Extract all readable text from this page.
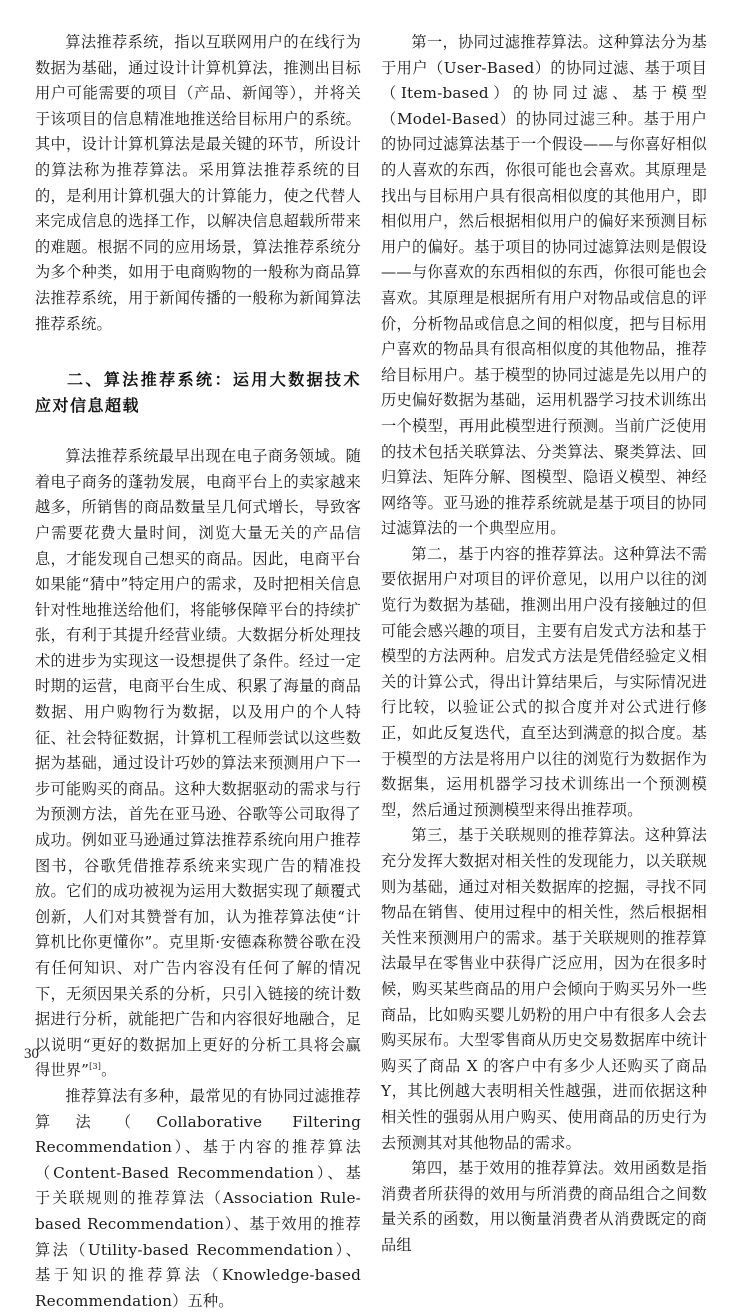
算法推荐系统，指以互联网用户的在线行为数据为基础，通过设计计算机算法，推测出目标用户可能需要的项目（产品、新闻等），并将关于该项目的信息精准地推送给目标用户的系统。其中，设计计算机算法是最关键的环节，所设计的算法称为推荐算法。采用算法推荐系统的目的，是利用计算机强大的计算能力，使之代替人来完成信息的选择工作，以解决信息超载所带来的难题。根据不同的应用场景，算法推荐系统分为多个种类，如用于电商购物的一般称为商品算法推荐系统，用于新闻传播的一般称为新闻算法推荐系统。

二、算法推荐系统：运用大数据技术应对信息超载

算法推荐系统最早出现在电子商务领域。随着电子商务的蓬勃发展，电商平台上的卖家越来越多，所销售的商品数量呈几何式增长，导致客户需要花费大量时间，浏览大量无关的产品信息，才能发现自己想买的商品。因此，电商平台如果能“猜中”特定用户的需求，及时把相关信息针对性地推送给他们，将能够保障平台的持续扩张，有利于其提升经营业绩。大数据分析处理技术的进步为实现这一设想提供了条件。经过一定时期的运营，电商平台生成、积累了海量的商品数据、用户购物行为数据，以及用户的个人特征、社会特征数据，计算机工程师尝试以这些数据为基础，通过设计巧妙的算法来预测用户下一步可能购买的商品。这种大数据驱动的需求与行为预测方法，首先在亚马逊、谷歌等公司取得了成功。例如亚马逊通过算法推荐系统向用户推荐图书，谷歌凭借推荐系统来实现广告的精准投放。它们的成功被视为运用大数据实现了颠覆式创新，人们对其赞誉有加，认为推荐算法使“计算机比你更懂你”。克里斯·安德森称赞谷歌在没有任何知识、对广告内容没有任何了解的情况下，无须因果关系的分析，只引入链接的统计数据进行分析，就能把广告和内容很好地融合，足以说明“更好的数据加上更好的分析工具将会赢得世界”[3]。

推荐算法有多种，最常见的有协同过滤推荐算法（Collaborative Filtering Recommendation）、基于内容的推荐算法（Content-Based Recommendation）、基于关联规则的推荐算法（Association Rule-based Recommendation）、基于效用的推荐算法（Utility-based Recommendation）、基于知识的推荐算法（Knowledge-based Recommendation）五种。

第一，协同过滤推荐算法。这种算法分为基于用户（User-Based）的协同过滤、基于项目（Item-based）的协同过滤、基于模型（Model-Based）的协同过滤三种。基于用户的协同过滤算法基于一个假设——与你喜好相似的人喜欢的东西，你很可能也会喜欢。其原理是找出与目标用户具有很高相似度的其他用户，即相似用户，然后根据相似用户的偏好来预测目标用户的偏好。基于项目的协同过滤算法则是假设——与你喜欢的东西相似的东西，你很可能也会喜欢。其原理是根据所有用户对物品或信息的评价，分析物品或信息之间的相似度，把与目标用户喜欢的物品具有很高相似度的其他物品，推荐给目标用户。基于模型的协同过滤是先以用户的历史偏好数据为基础，运用机器学习技术训练出一个模型，再用此模型进行预测。当前广泛使用的技术包括关联算法、分类算法、聚类算法、回归算法、矩阵分解、图模型、隐语义模型、神经网络等。亚马逊的推荐系统就是基于项目的协同过滤算法的一个典型应用。

第二，基于内容的推荐算法。这种算法不需要依据用户对项目的评价意见，以用户以往的浏览行为数据为基础，推测出用户没有接触过的但可能会感兴趣的项目，主要有启发式方法和基于模型的方法两种。启发式方法是凭借经验定义相关的计算公式，得出计算结果后，与实际情况进行比较，以验证公式的拟合度并对公式进行修正，如此反复迭代，直至达到满意的拟合度。基于模型的方法是将用户以往的浏览行为数据作为数据集，运用机器学习技术训练出一个预测模型，然后通过预测模型来得出推荐项。

第三，基于关联规则的推荐算法。这种算法充分发挥大数据对相关性的发现能力，以关联规则为基础，通过对相关数据库的挖掘，寻找不同物品在销售、使用过程中的相关性，然后根据相关性来预测用户的需求。基于关联规则的推荐算法最早在零售业中获得广泛应用，因为在很多时候，购买某些商品的用户会倾向于购买另外一些商品，比如购买婴儿奶粉的用户中有很多人会去购买尿布。大型零售商从历史交易数据库中统计购买了商品 X 的客户中有多少人还购买了商品 Y，其比例越大表明相关性越强，进而依据这种相关性的强弱从用户购买、使用商品的历史行为去预测其对其他物品的需求。

第四，基于效用的推荐算法。效用函数是指消费者所获得的效用与所消费的商品组合之间数量关系的函数，用以衡量消费者从消费既定的商品组

30
